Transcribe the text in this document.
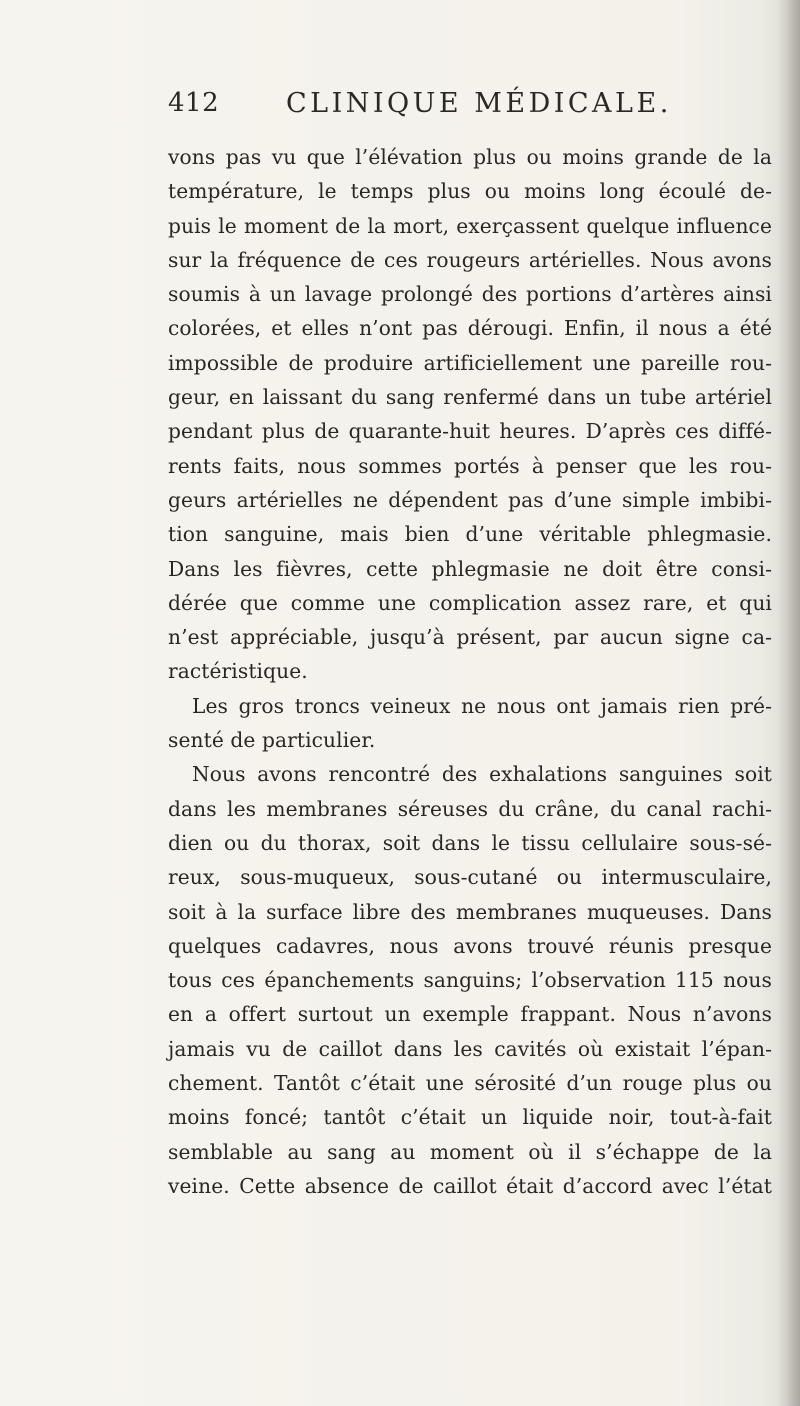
412 CLINIQUE MÉDICALE.
vons pas vu que l’élévation plus ou moins grande de la
température, le temps plus ou moins long écoulé de-
puis le moment de la mort, exerçassent quelque influence
sur la fréquence de ces rougeurs artérielles. Nous avons
soumis à un lavage prolongé des portions d’artères ainsi
colorées, et elles n’ont pas dérougi. Enfin, il nous a été
impossible de produire artificiellement une pareille rou-
geur, en laissant du sang renfermé dans un tube artériel
pendant plus de quarante-huit heures. D’après ces diffé-
rents faits, nous sommes portés à penser que les rou-
geurs artérielles ne dépendent pas d’une simple imbibi-
tion sanguine, mais bien d’une véritable phlegmasie.
Dans les fièvres, cette phlegmasie ne doit être consi-
dérée que comme une complication assez rare, et qui
n’est appréciable, jusqu’à présent, par aucun signe ca-
ractéristique.
Les gros troncs veineux ne nous ont jamais rien pré-
senté de particulier.
Nous avons rencontré des exhalations sanguines soit
dans les membranes séreuses du crâne, du canal rachi-
dien ou du thorax, soit dans le tissu cellulaire sous-sé-
reux, sous-muqueux, sous-cutané ou intermusculaire,
soit à la surface libre des membranes muqueuses. Dans
quelques cadavres, nous avons trouvé réunis presque
tous ces épanchements sanguins; l’observation 115 nous
en a offert surtout un exemple frappant. Nous n’avons
jamais vu de caillot dans les cavités où existait l’épan-
chement. Tantôt c’était une sérosité d’un rouge plus ou
moins foncé; tantôt c’était un liquide noir, tout-à-fait
semblable au sang au moment où il s’échappe de la
veine. Cette absence de caillot était d’accord avec l’état
